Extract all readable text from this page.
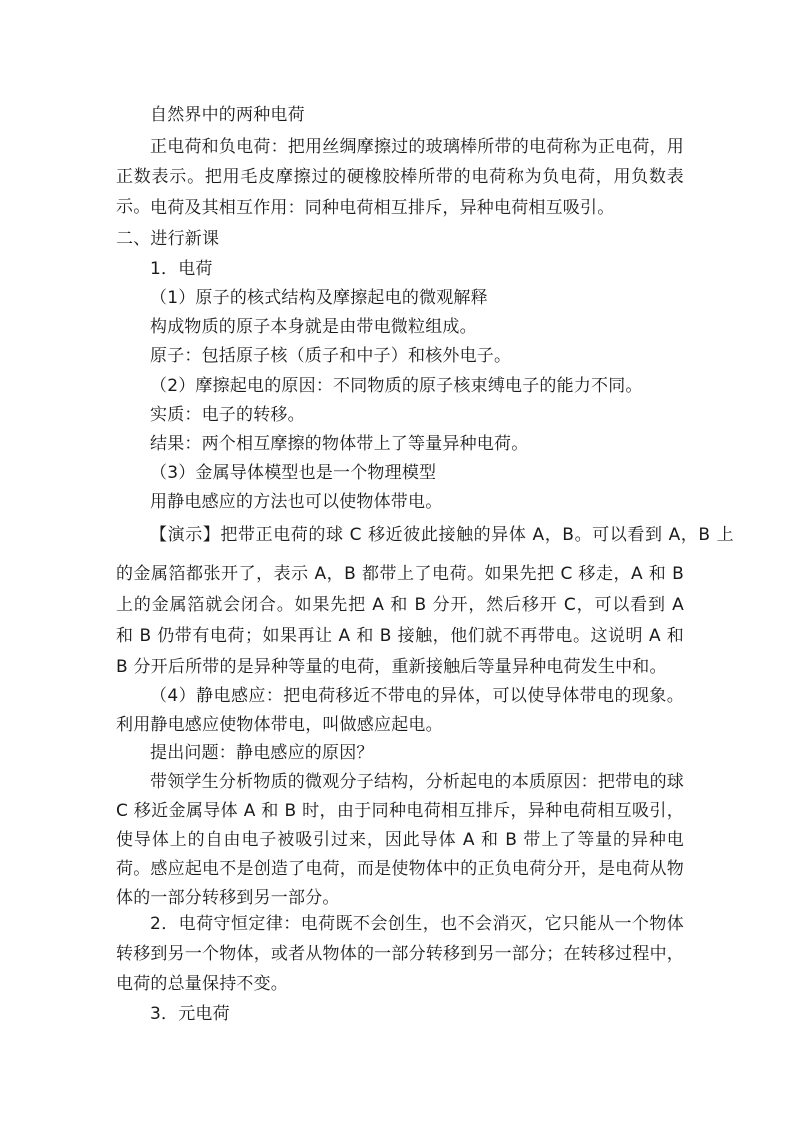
自然界中的两种电荷
正电荷和负电荷：把用丝绸摩擦过的玻璃棒所带的电荷称为正电荷，用正数表示。把用毛皮摩擦过的硬橡胶棒所带的电荷称为负电荷，用负数表示。 电荷及其相互作用：同种电荷相互排斥，异种电荷相互吸引。
二、进行新课
1．电荷
（1）原子的核式结构及摩擦起电的微观解释
构成物质的原子本身就是由带电微粒组成。
原子：包括原子核（质子和中子）和核外电子。
（2）摩擦起电的原因：不同物质的原子核束缚电子的能力不同。
实质：电子的转移。
结果：两个相互摩擦的物体带上了等量异种电荷。
（3）金属导体模型也是一个物理模型
用静电感应的方法也可以使物体带电。
【演示】把带正电荷的球 C 移近彼此接触的异体 A，B。可以看到 A，B 上
的金属箔都张开了，表示 A，B 都带上了电荷。如果先把 C 移走，A 和 B 上的金属箔就会闭合。如果先把 A 和 B 分开，然后移开 C，可以看到 A 和 B 仍带有电荷；如果再让 A 和 B 接触，他们就不再带电。这说明 A 和 B 分开后所带的是异种等量的电荷，重新接触后等量异种电荷发生中和。
（4）静电感应：把电荷移近不带电的异体，可以使导体带电的现象。利用静电感应使物体带电，叫做感应起电。
提出问题：静电感应的原因？
带领学生分析物质的微观分子结构，分析起电的本质原因：把带电的球 C 移近金属导体 A 和 B 时，由于同种电荷相互排斥，异种电荷相互吸引，使导体上的自由电子被吸引过来，因此导体 A 和 B 带上了等量的异种电荷。感应起电不是创造了电荷，而是使物体中的正负电荷分开，是电荷从物体的一部分转移到另一部分。
2．电荷守恒定律：电荷既不会创生，也不会消灭，它只能从一个物体转移到另一个物体，或者从物体的一部分转移到另一部分；在转移过程中，电荷的总量保持不变。
3．元电荷
